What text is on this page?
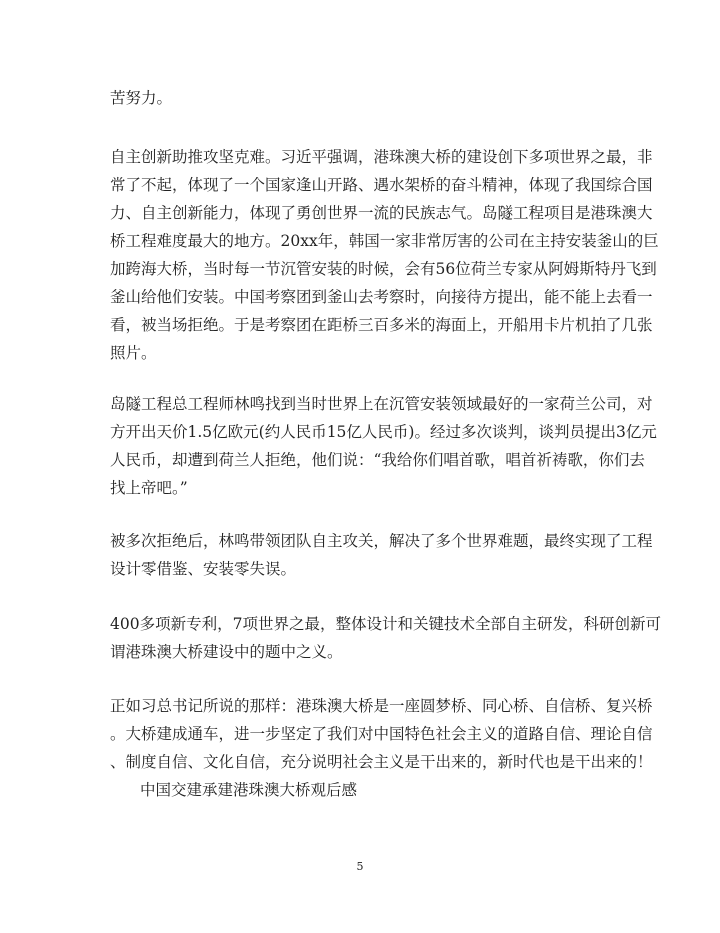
苦努力。
自主创新助推攻坚克难。习近平强调，港珠澳大桥的建设创下多项世界之最，非
常了不起，体现了一个国家逢山开路、遇水架桥的奋斗精神，体现了我国综合国
力、自主创新能力，体现了勇创世界一流的民族志气。岛隧工程项目是港珠澳大
桥工程难度最大的地方。20xx年，韩国一家非常厉害的公司在主持安装釜山的巨
加跨海大桥，当时每一节沉管安装的时候，会有56位荷兰专家从阿姆斯特丹飞到
釜山给他们安装。中国考察团到釜山去考察时，向接待方提出，能不能上去看一
看，被当场拒绝。于是考察团在距桥三百多米的海面上，开船用卡片机拍了几张
照片。
岛隧工程总工程师林鸣找到当时世界上在沉管安装领域最好的一家荷兰公司，对
方开出天价1.5亿欧元(约人民币15亿人民币)。经过多次谈判，谈判员提出3亿元
人民币，却遭到荷兰人拒绝，他们说：“我给你们唱首歌，唱首祈祷歌，你们去
找上帝吧。”
被多次拒绝后，林鸣带领团队自主攻关，解决了多个世界难题，最终实现了工程
设计零借鉴、安装零失误。
400多项新专利，7项世界之最，整体设计和关键技术全部自主研发，科研创新可
谓港珠澳大桥建设中的题中之义。
正如习总书记所说的那样：港珠澳大桥是一座圆梦桥、同心桥、自信桥、复兴桥
。大桥建成通车，进一步坚定了我们对中国特色社会主义的道路自信、理论自信
、制度自信、文化自信，充分说明社会主义是干出来的，新时代也是干出来的！
中国交建承建港珠澳大桥观后感
5
